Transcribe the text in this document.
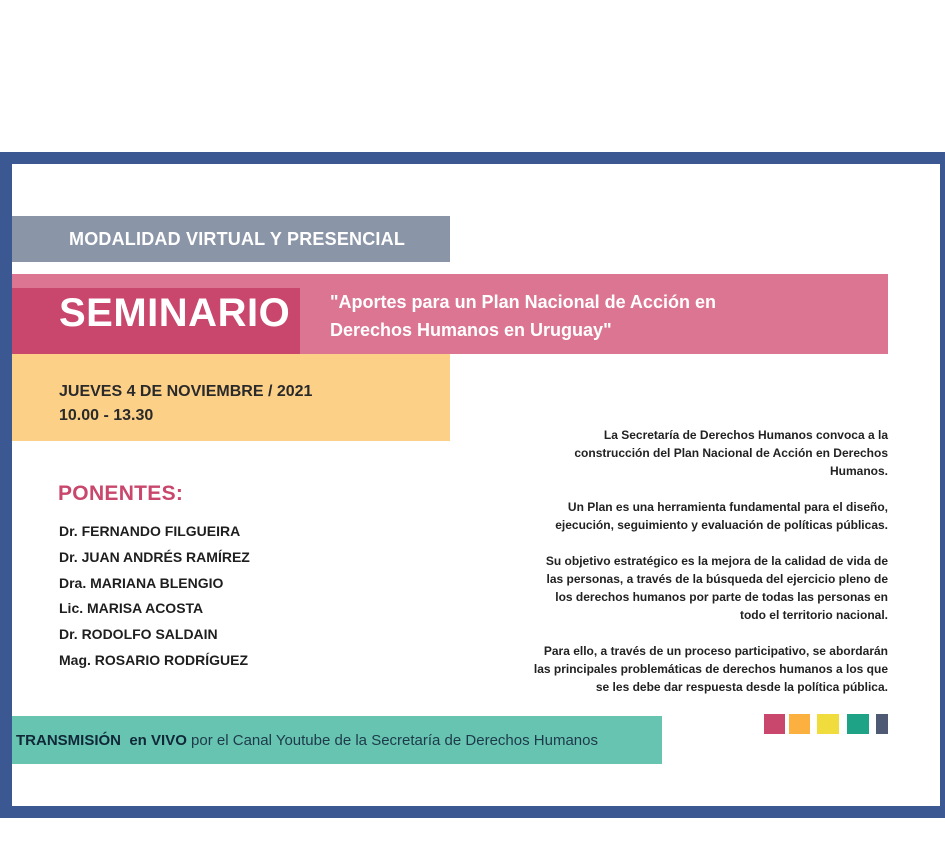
MODALIDAD VIRTUAL Y PRESENCIAL
SEMINARIO "Aportes para un Plan Nacional de Acción en
Derechos Humanos en Uruguay"
JUEVES 4 DE NOVIEMBRE / 2021
10.00 - 13.30
PONENTES:
Dr. FERNANDO FILGUEIRA
Dr. JUAN ANDRÉS RAMÍREZ
Dra. MARIANA BLENGIO
Lic. MARISA ACOSTA
Dr. RODOLFO SALDAIN
Mag. ROSARIO RODRÍGUEZ

La Secretaría de Derechos Humanos convoca a la
construcción del Plan Nacional de Acción en Derechos
Humanos.

Un Plan es una herramienta fundamental para el diseño,
ejecución, seguimiento y evaluación de políticas públicas.

Su objetivo estratégico es la mejora de la calidad de vida de
las personas, a través de la búsqueda del ejercicio pleno de
los derechos humanos por parte de todas las personas en
todo el territorio nacional.

Para ello, a través de un proceso participativo, se abordarán
las principales problemáticas de derechos humanos a los que
se les debe dar respuesta desde la política pública.

TRANSMISIÓN en VIVO por el Canal Youtube de la Secretaría de Derechos Humanos
